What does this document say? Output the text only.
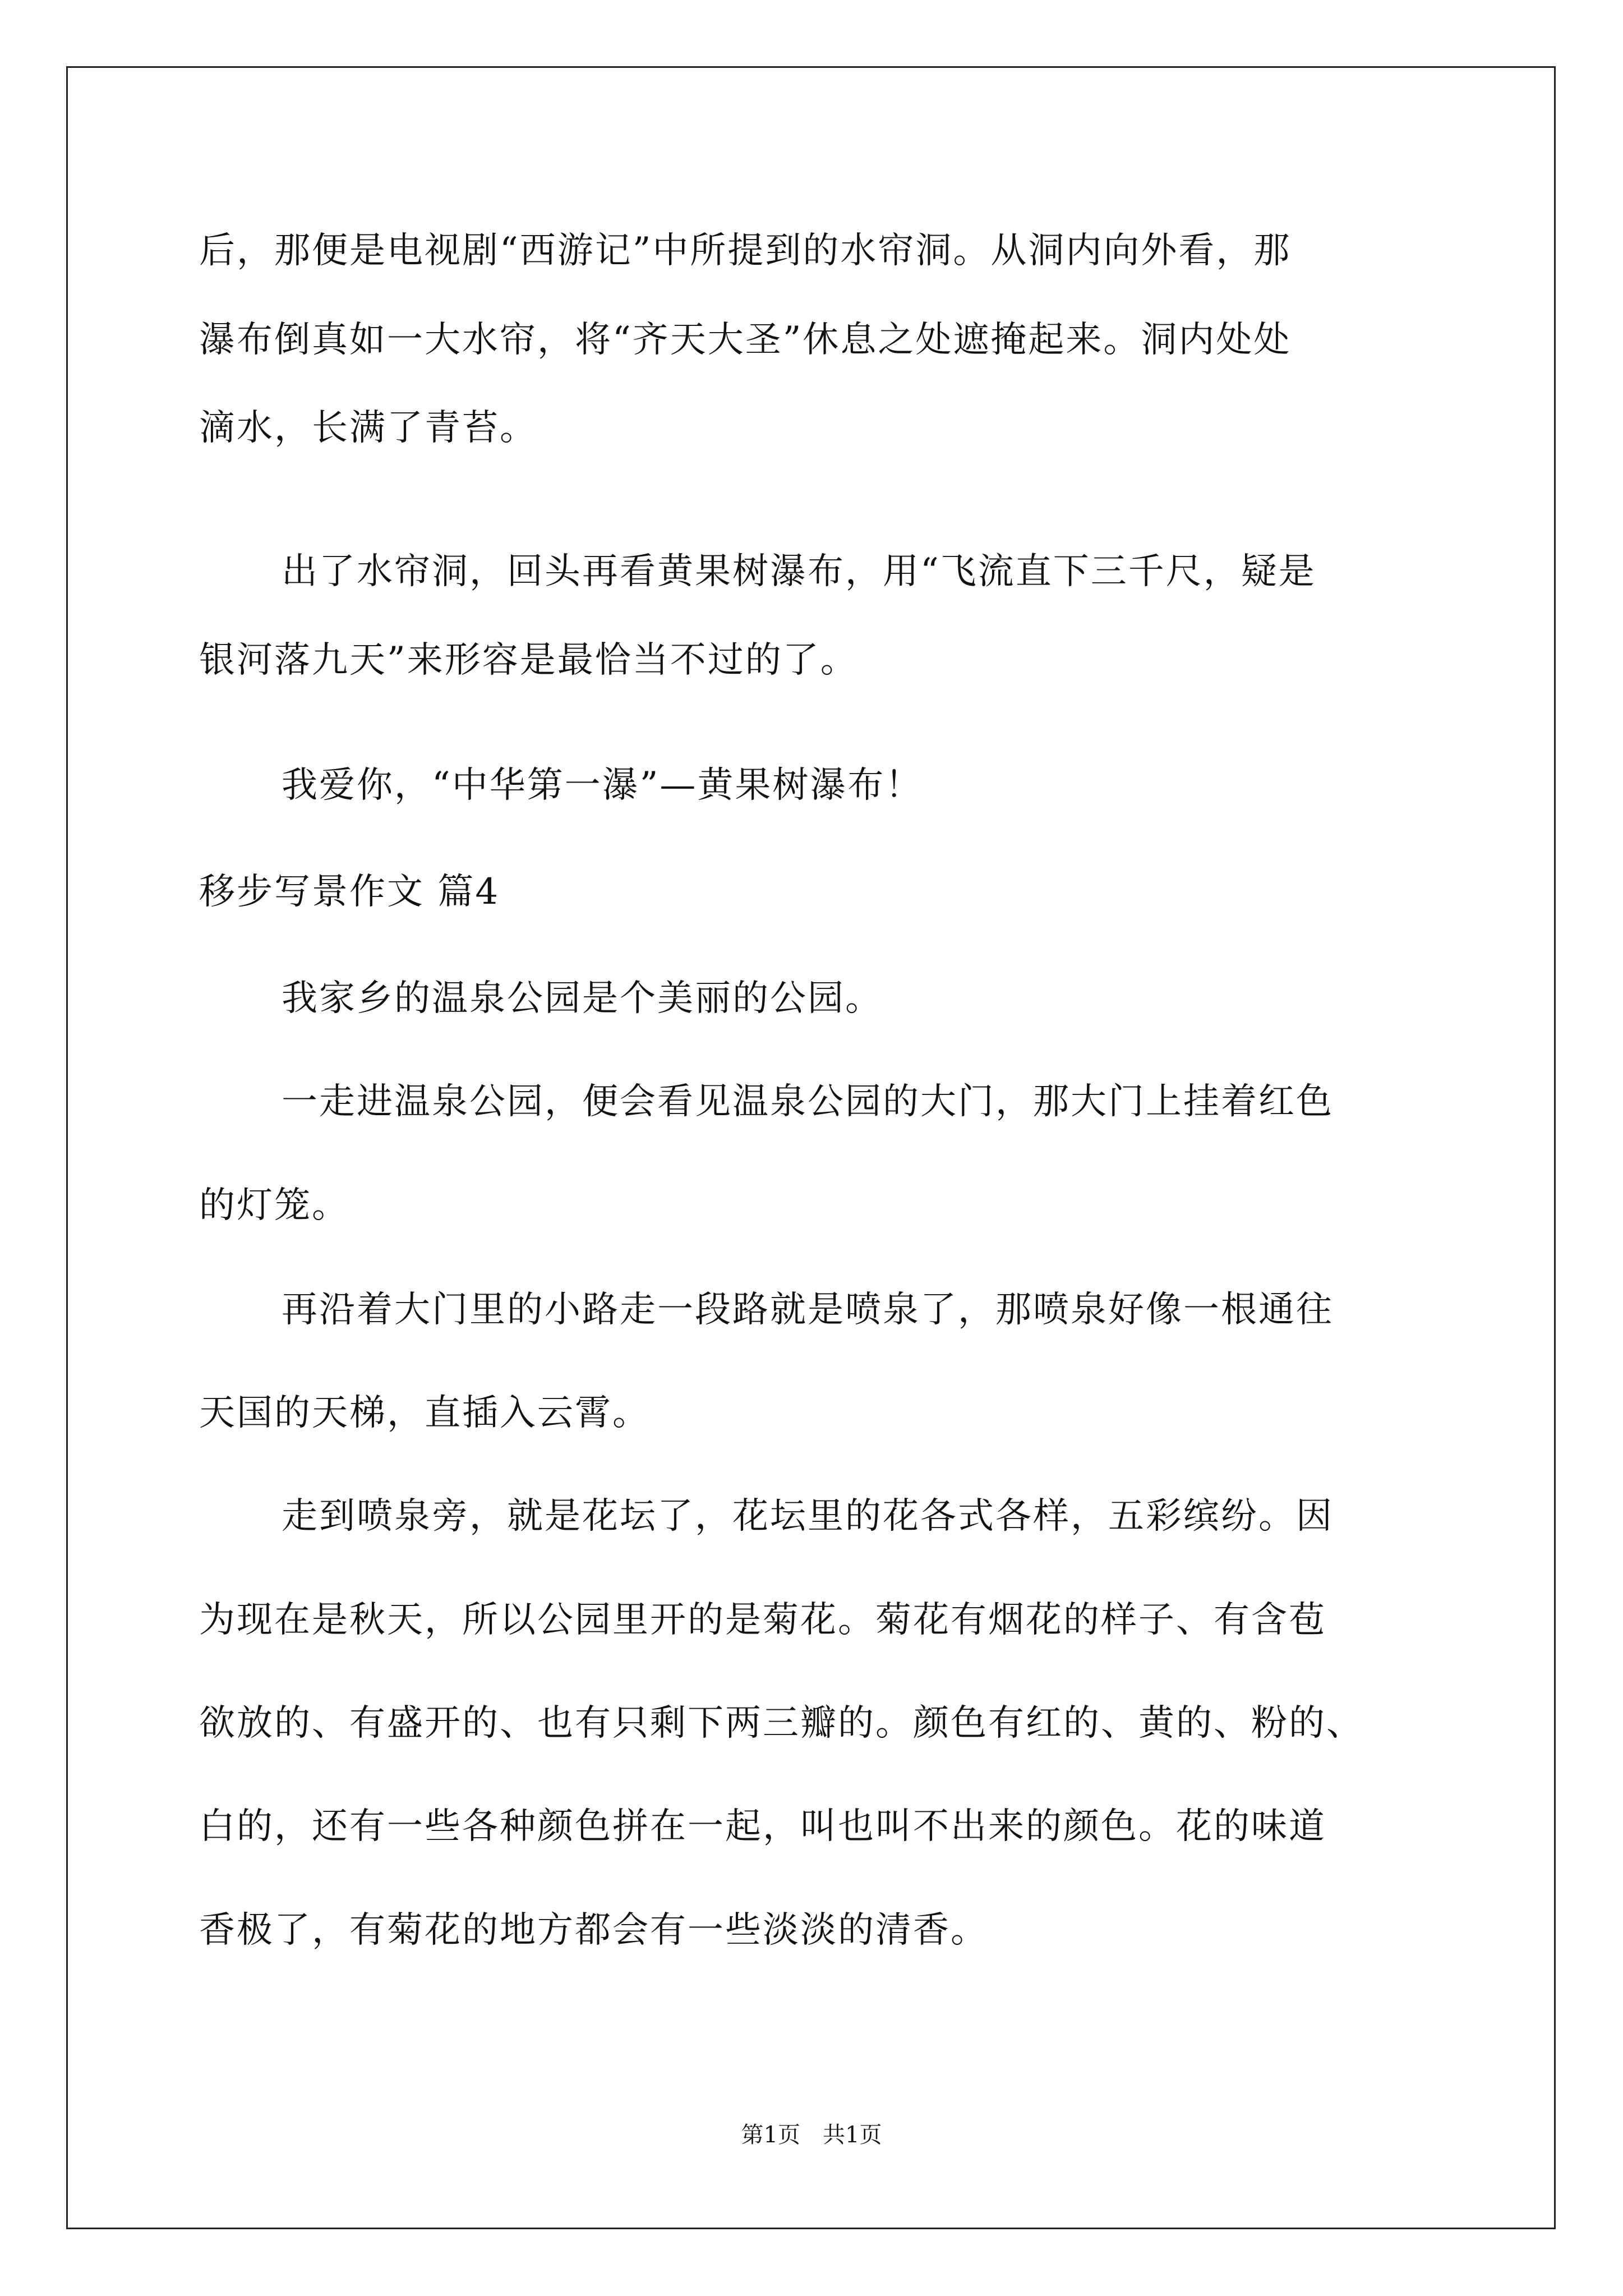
后，那便是电视剧“西游记”中所提到的水帘洞。从洞内向外看，那
瀑布倒真如一大水帘，将“齐天大圣”休息之处遮掩起来。洞内处处
滴水，长满了青苔。
出了水帘洞，回头再看黄果树瀑布，用“飞流直下三千尺，疑是
银河落九天”来形容是最恰当不过的了。
我爱你，“中华第一瀑”—黄果树瀑布！
移步写景作文 篇4
我家乡的温泉公园是个美丽的公园。
一走进温泉公园，便会看见温泉公园的大门，那大门上挂着红色
的灯笼。
再沿着大门里的小路走一段路就是喷泉了，那喷泉好像一根通往
天国的天梯，直插入云霄。
走到喷泉旁，就是花坛了，花坛里的花各式各样，五彩缤纷。因
为现在是秋天，所以公园里开的是菊花。菊花有烟花的样子、有含苞
欲放的、有盛开的、也有只剩下两三瓣的。颜色有红的、黄的、粉的、
白的，还有一些各种颜色拼在一起，叫也叫不出来的颜色。花的味道
香极了，有菊花的地方都会有一些淡淡的清香。
第1页　共1页
